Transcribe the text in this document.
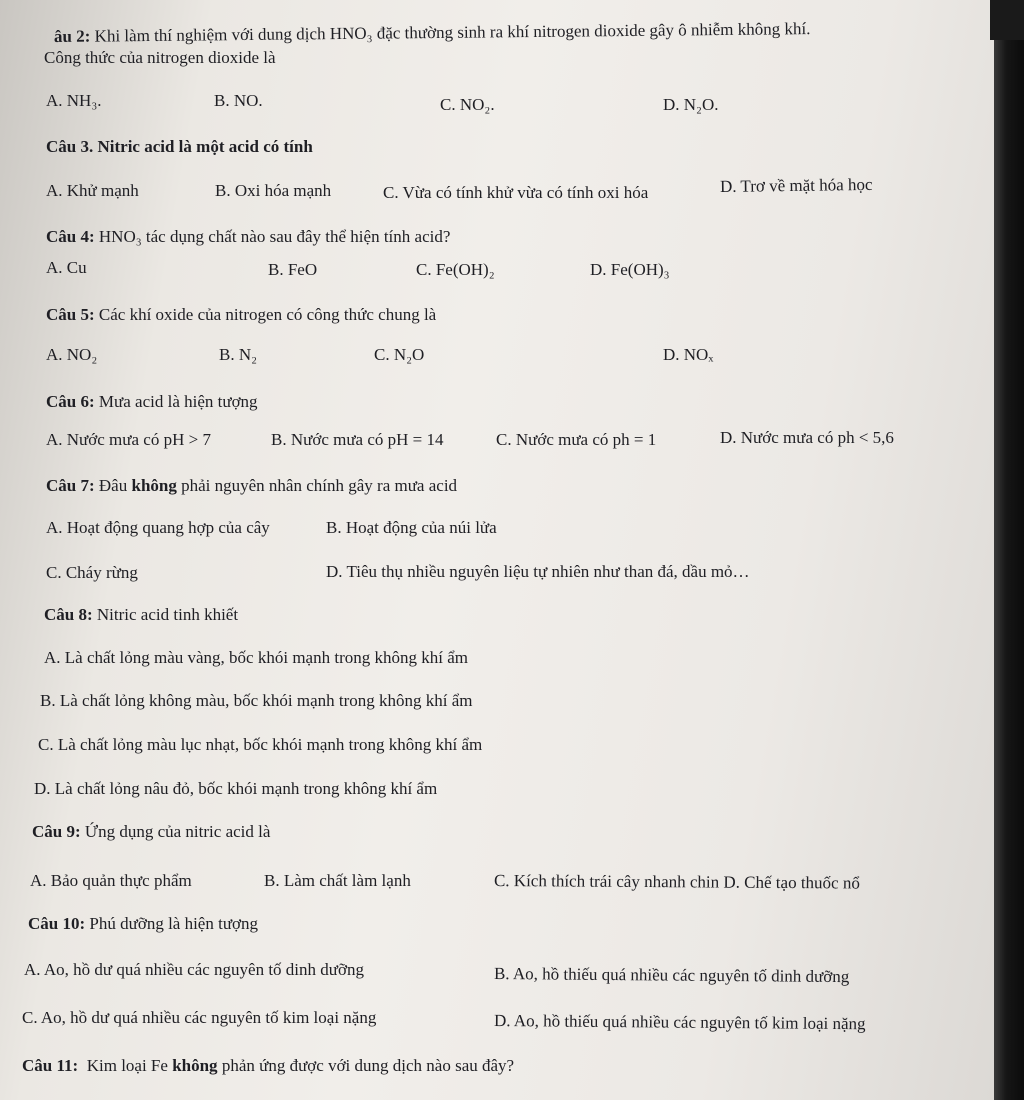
âu 2: Khi làm thí nghiệm với dung dịch HNO₃ đặc thường sinh ra khí nitrogen dioxide gây ô nhiễm không khí.
Công thức của nitrogen dioxide là
A. NH₃.	B. NO.	C. NO₂.	D. N₂O.
Câu 3. Nitric acid là một acid có tính
A. Khử mạnh	B. Oxi hóa mạnh	C. Vừa có tính khử vừa có tính oxi hóa	D. Trơ về mặt hóa học
Câu 4: HNO₃ tác dụng chất nào sau đây thể hiện tính acid?
A. Cu	B. FeO	C. Fe(OH)₂	D. Fe(OH)₃
Câu 5: Các khí oxide của nitrogen có công thức chung là
A. NO₂	B. N₂	C. N₂O	D. NOₓ
Câu 6: Mưa acid là hiện tượng
A. Nước mưa có pH > 7	B. Nước mưa có pH = 14	C. Nước mưa có ph = 1	D. Nước mưa có ph < 5,6
Câu 7: Đâu không phải nguyên nhân chính gây ra mưa acid
A. Hoạt động quang hợp của cây	B. Hoạt động của núi lửa
C. Cháy rừng	D. Tiêu thụ nhiều nguyên liệu tự nhiên như than đá, dầu mỏ…
Câu 8: Nitric acid tinh khiết
A. Là chất lỏng màu vàng, bốc khói mạnh trong không khí ẩm
B. Là chất lỏng không màu, bốc khói mạnh trong không khí ẩm
C. Là chất lỏng màu lục nhạt, bốc khói mạnh trong không khí ẩm
D. Là chất lỏng nâu đỏ, bốc khói mạnh trong không khí ẩm
Câu 9: Ứng dụng của nitric acid là
A. Bảo quản thực phẩm	B. Làm chất làm lạnh	C. Kích thích trái cây nhanh chin D. Chế tạo thuốc nổ
Câu 10: Phú dưỡng là hiện tượng
A. Ao, hồ dư quá nhiều các nguyên tố dinh dưỡng	B. Ao, hồ thiếu quá nhiều các nguyên tố dinh dưỡng
C. Ao, hồ dư quá nhiều các nguyên tố kim loại nặng	D. Ao, hồ thiếu quá nhiều các nguyên tố kim loại nặng
Câu 11: Kim loại Fe không phản ứng được với dung dịch nào sau đây?
